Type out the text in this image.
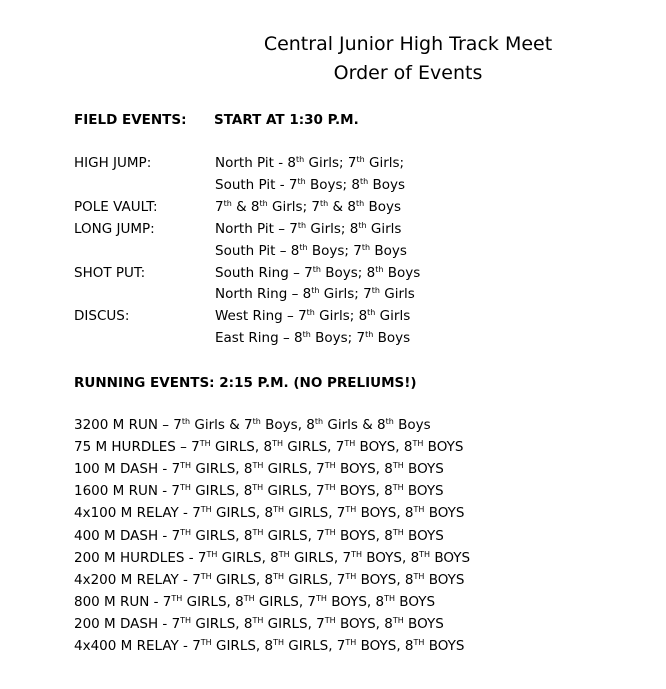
Central Junior High Track Meet
Order of Events
FIELD EVENTS: START AT 1:30 P.M.
HIGH JUMP:	North Pit - 8th Girls; 7th Girls;
South Pit - 7th Boys; 8th Boys
POLE VAULT:	7th & 8th Girls; 7th & 8th Boys
LONG JUMP:	North Pit – 7th Girls; 8th Girls
South Pit – 8th Boys; 7th Boys
SHOT PUT:	South Ring – 7th Boys; 8th Boys
North Ring – 8th Girls; 7th Girls
DISCUS:	West Ring – 7th Girls; 8th Girls
East Ring – 8th Boys; 7th Boys
RUNNING EVENTS: 2:15 P.M. (NO PRELIUMS!)
3200 M RUN – 7th Girls & 7th Boys, 8th Girls & 8th Boys
75 M HURDLES – 7TH GIRLS, 8TH GIRLS, 7TH BOYS, 8TH BOYS
100 M DASH - 7TH GIRLS, 8TH GIRLS, 7TH BOYS, 8TH BOYS
1600 M RUN - 7TH GIRLS, 8TH GIRLS, 7TH BOYS, 8TH BOYS
4x100 M RELAY - 7TH GIRLS, 8TH GIRLS, 7TH BOYS, 8TH BOYS
400 M DASH - 7TH GIRLS, 8TH GIRLS, 7TH BOYS, 8TH BOYS
200 M HURDLES - 7TH GIRLS, 8TH GIRLS, 7TH BOYS, 8TH BOYS
4x200 M RELAY - 7TH GIRLS, 8TH GIRLS, 7TH BOYS, 8TH BOYS
800 M RUN - 7TH GIRLS, 8TH GIRLS, 7TH BOYS, 8TH BOYS
200 M DASH - 7TH GIRLS, 8TH GIRLS, 7TH BOYS, 8TH BOYS
4x400 M RELAY - 7TH GIRLS, 8TH GIRLS, 7TH BOYS, 8TH BOYS
